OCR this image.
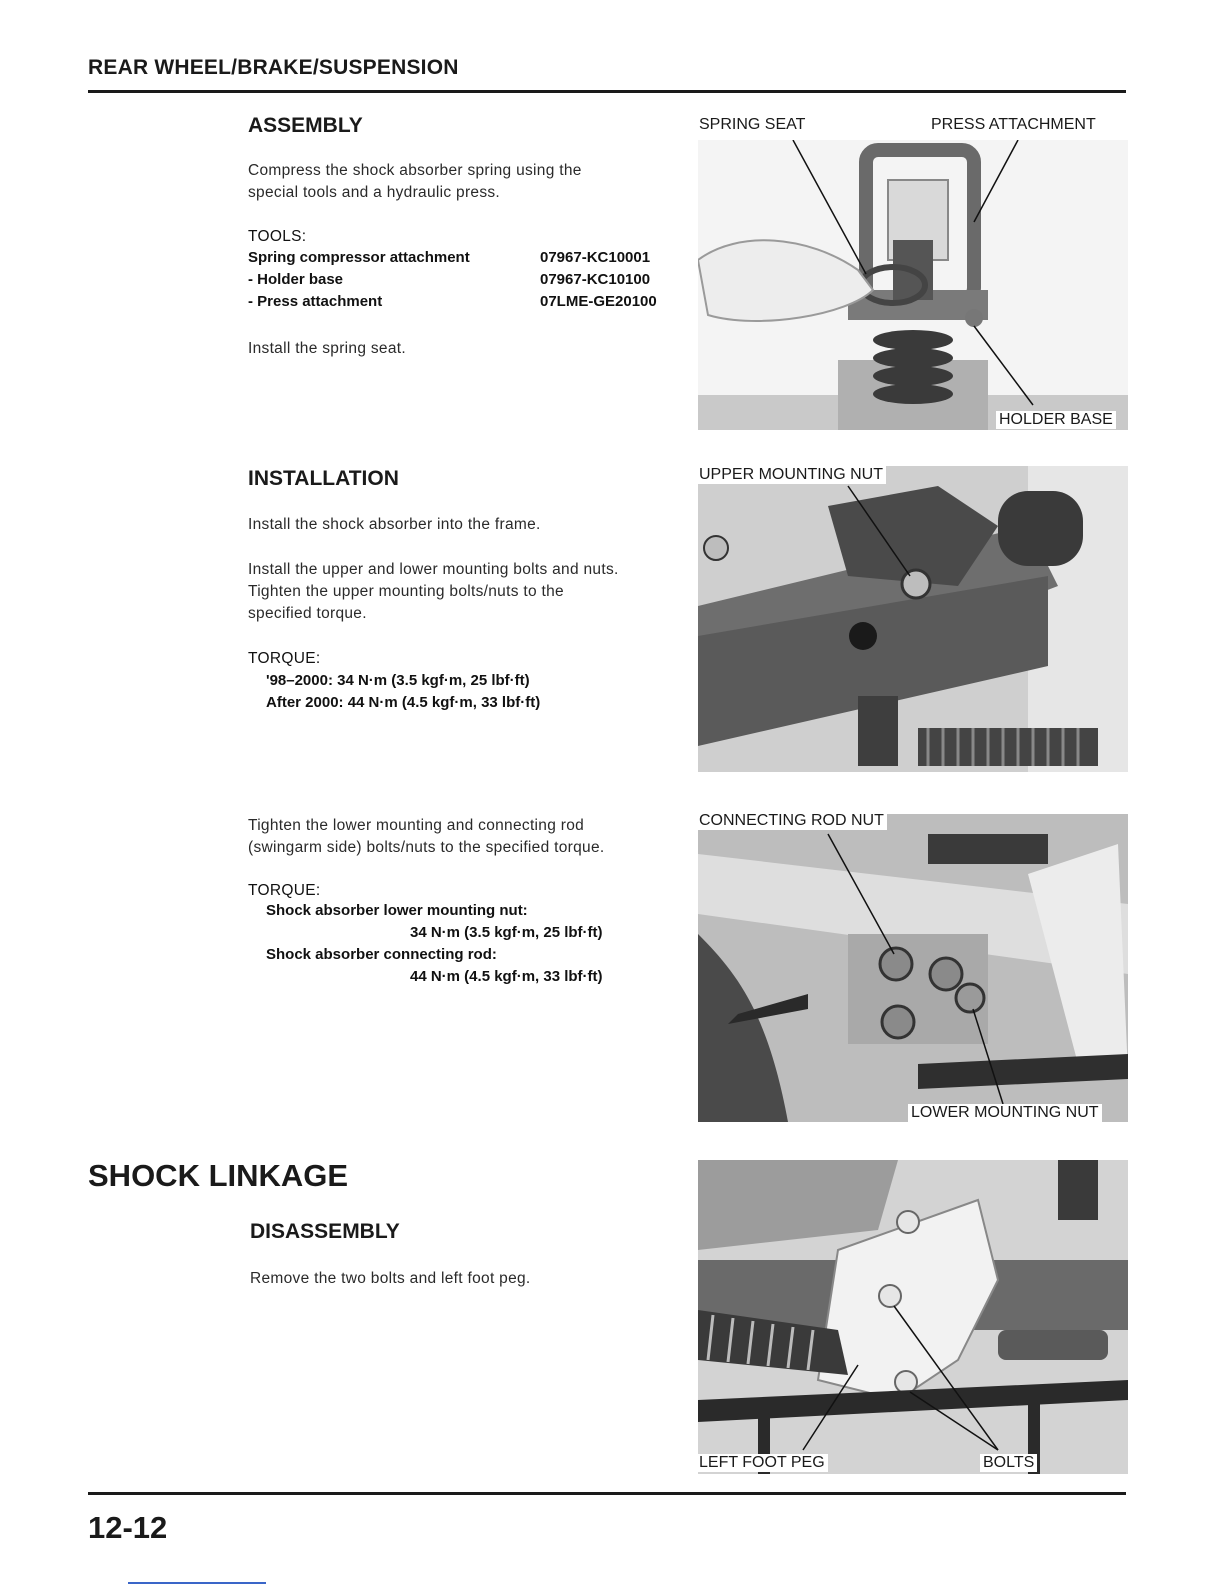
REAR WHEEL/BRAKE/SUSPENSION
ASSEMBLY
Compress the shock absorber spring using the
special tools and a hydraulic press.
TOOLS:
Spring compressor attachment	07967-KC10001
- Holder base	07967-KC10100
- Press attachment	07LME-GE20100
Install the spring seat.
SPRING SEAT	PRESS ATTACHMENT
HOLDER BASE
INSTALLATION
Install the shock absorber into the frame.
Install the upper and lower mounting bolts and nuts.
Tighten the upper mounting bolts/nuts to the
specified torque.
TORQUE:
'98–2000: 34 N·m (3.5 kgf·m, 25 lbf·ft)
After 2000: 44 N·m (4.5 kgf·m, 33 lbf·ft)
UPPER MOUNTING NUT
Tighten the lower mounting and connecting rod
(swingarm side) bolts/nuts to the specified torque.
TORQUE:
Shock absorber lower mounting nut:
34 N·m (3.5 kgf·m, 25 lbf·ft)
Shock absorber connecting rod:
44 N·m (4.5 kgf·m, 33 lbf·ft)
CONNECTING ROD NUT
LOWER MOUNTING NUT
SHOCK LINKAGE
DISASSEMBLY
Remove the two bolts and left foot peg.
LEFT FOOT PEG	BOLTS
12-12
